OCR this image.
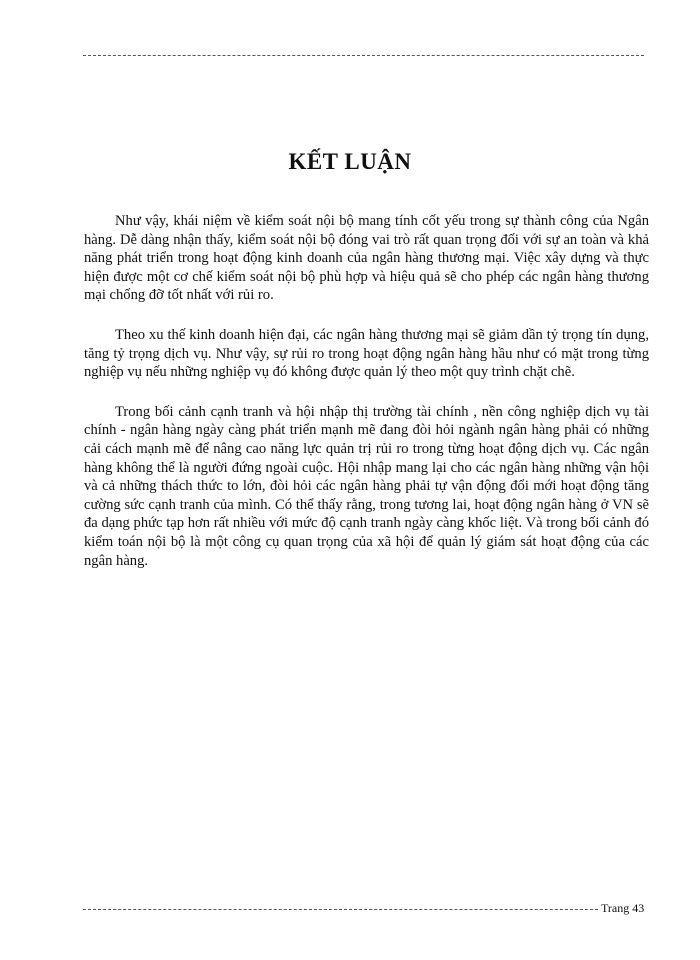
KẾT LUẬN

Như vậy, khái niệm về kiểm soát nội bộ mang tính cốt yếu trong sự thành công của Ngân hàng. Dễ dàng nhận thấy, kiểm soát nội bộ đóng vai trò rất quan trọng đối với sự an toàn và khả năng phát triển trong hoạt động kinh doanh của ngân hàng thương mại. Việc xây dựng và thực hiện được một cơ chế kiểm soát nội bộ phù hợp và hiệu quả sẽ cho phép các ngân hàng thương mại chống đỡ tốt nhất với rủi ro.

Theo xu thế kinh doanh hiện đại, các ngân hàng thương mại sẽ giảm dần tỷ trọng tín dụng, tăng tỷ trọng dịch vụ. Như vậy, sự rủi ro trong hoạt động ngân hàng hầu như có mặt trong từng nghiệp vụ nếu những nghiệp vụ đó không được quản lý theo một quy trình chặt chẽ.

Trong bối cảnh cạnh tranh và hội nhập thị trường tài chính , nền công nghiệp dịch vụ tài chính - ngân hàng ngày càng phát triển mạnh mẽ đang đòi hỏi ngành ngân hàng phải có những cải cách mạnh mẽ để nâng cao năng lực quản trị rủi ro trong từng hoạt động dịch vụ. Các ngân hàng không thể là người đứng ngoài cuộc. Hội nhập mang lại cho các ngân hàng những vận hội và cả những thách thức to lớn, đòi hỏi các ngân hàng phải tự vận động đổi mới hoạt động tăng cường sức cạnh tranh của mình. Có thể thấy rằng, trong tương lai, hoạt động ngân hàng ở VN sẽ đa dạng phức tạp hơn rất nhiều với mức độ cạnh tranh ngày càng khốc liệt. Và trong bối cảnh đó kiểm toán nội bộ là một công cụ quan trọng của xã hội để quản lý giám sát hoạt động của các ngân hàng.

Trang 43
